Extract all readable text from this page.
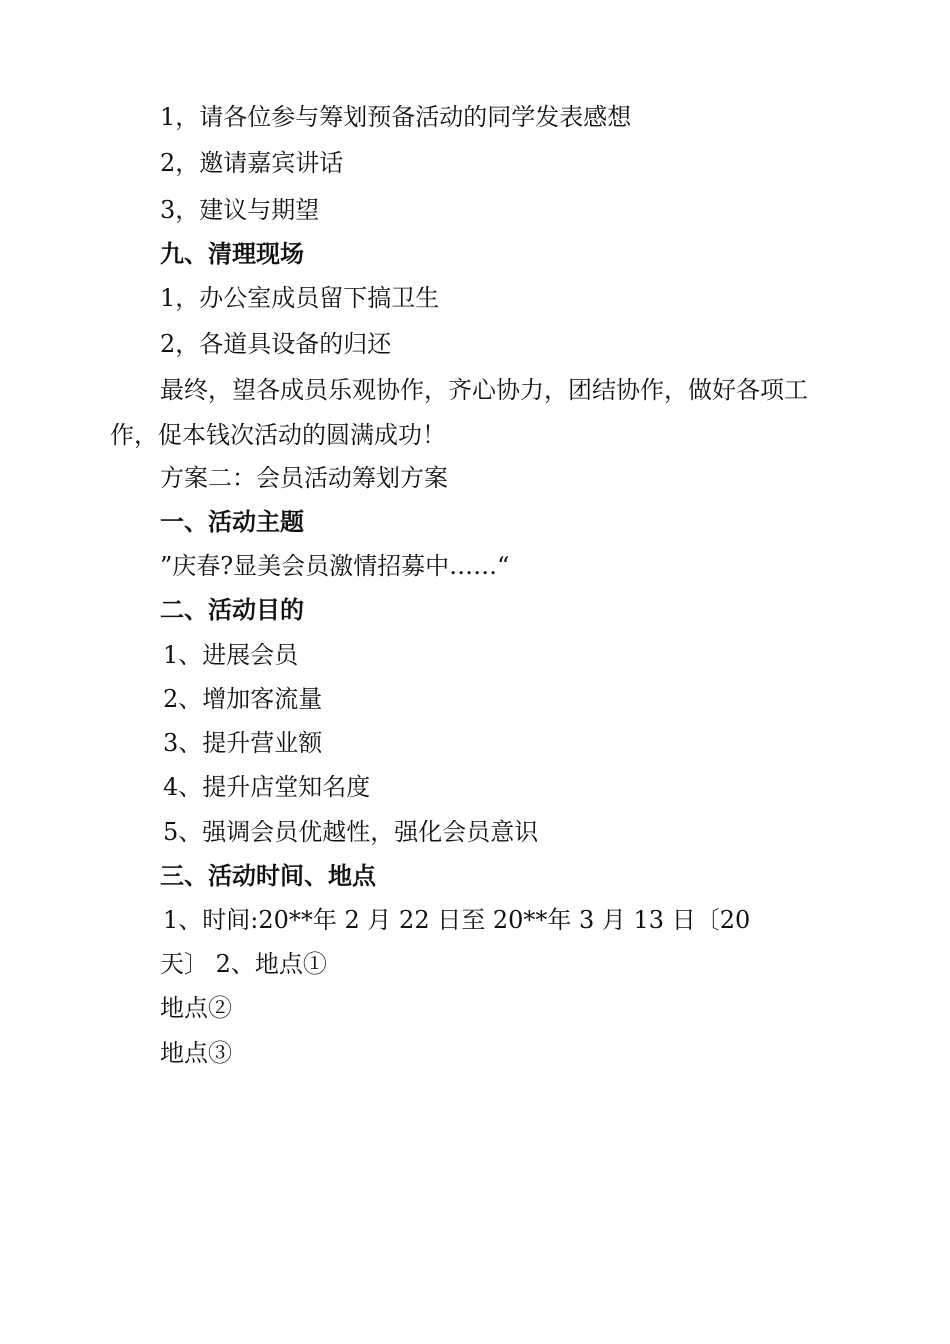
1，请各位参与筹划预备活动的同学发表感想
2，邀请嘉宾讲话
3，建议与期望
九、清理现场
1，办公室成员留下搞卫生
2，各道具设备的归还
最终，望各成员乐观协作，齐心协力，团结协作，做好各项工
作，促本钱次活动的圆满成功！
方案二：会员活动筹划方案
一、活动主题
”庆春?显美会员激情招募中……“
二、活动目的
1、进展会员
2、增加客流量
3、提升营业额
4、提升店堂知名度
5、强调会员优越性，强化会员意识
三、活动时间、地点
1、时间:20**年 2 月 22 日至 20**年 3 月 13 日〔20
天〕 2、地点①
地点②
地点③
